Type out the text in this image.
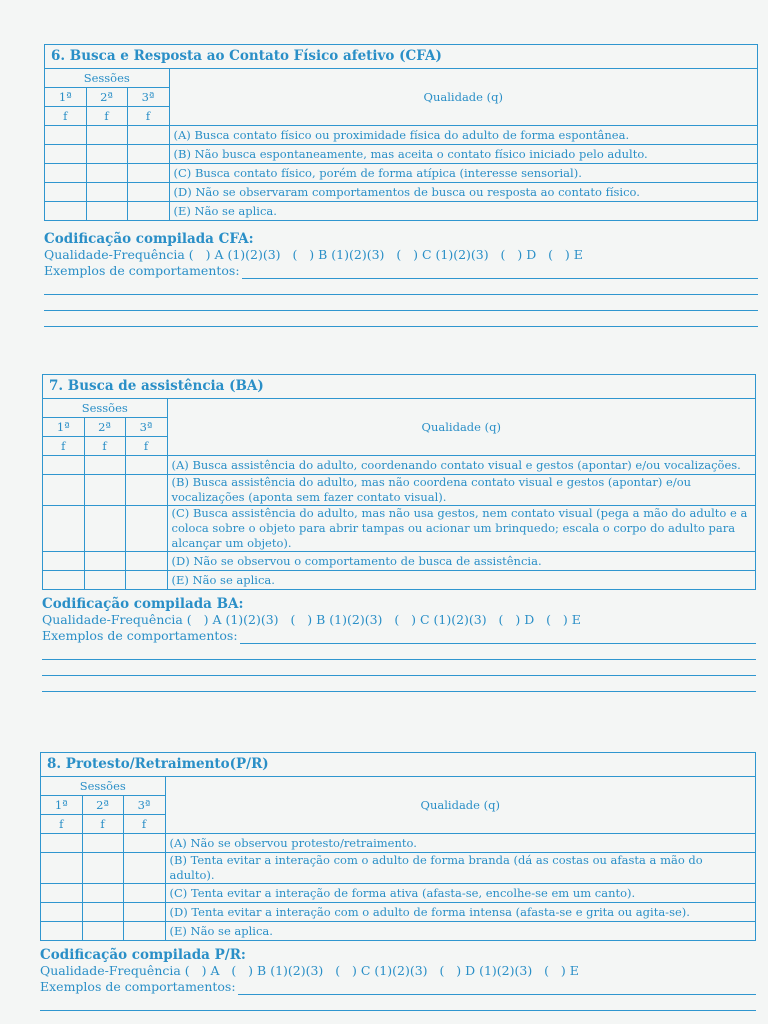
6. Busca e Resposta ao Contato Físico afetivo (CFA)
Sessões			Qualidade (q)
1ª	2ª	3ª	
f	f	f	
			(A) Busca contato físico ou proximidade física do adulto de forma espontânea.
			(B) Não busca espontaneamente, mas aceita o contato físico iniciado pelo adulto.
			(C) Busca contato físico, porém de forma atípica (interesse sensorial).
			(D) Não se observaram comportamentos de busca ou resposta ao contato físico.
			(E) Não se aplica.
Codificação compilada CFA:
Qualidade-Frequência (   ) A (1)(2)(3)   (   ) B (1)(2)(3)   (   ) C (1)(2)(3)   (   ) D   (   ) E
Exemplos de comportamentos:
7. Busca de assistência (BA)
Sessões			Qualidade (q)
1ª	2ª	3ª	
f	f	f	
			(A) Busca assistência do adulto, coordenando contato visual e gestos (apontar) e/ou vocalizações.
			(B) Busca assistência do adulto, mas não coordena contato visual e gestos (apontar) e/ou vocalizações (aponta sem fazer contato visual).
			(C) Busca assistência do adulto, mas não usa gestos, nem contato visual (pega a mão do adulto e a coloca sobre o objeto para abrir tampas ou acionar um brinquedo; escala o corpo do adulto para alcançar um objeto).
			(D) Não se observou o comportamento de busca de assistência.
			(E) Não se aplica.
Codificação compilada BA:
Qualidade-Frequência (   ) A (1)(2)(3)   (   ) B (1)(2)(3)   (   ) C (1)(2)(3)   (   ) D   (   ) E
Exemplos de comportamentos:
8. Protesto/Retraimento(P/R)
Sessões			Qualidade (q)
1ª	2ª	3ª	
f	f	f	
			(A) Não se observou protesto/retraimento.
			(B) Tenta evitar a interação com o adulto de forma branda (dá as costas ou afasta a mão do adulto).
			(C) Tenta evitar a interação de forma ativa (afasta-se, encolhe-se em um canto).
			(D) Tenta evitar a interação com o adulto de forma intensa (afasta-se e grita ou agita-se).
			(E) Não se aplica.
Codificação compilada P/R:
Qualidade-Frequência (   ) A   (   ) B (1)(2)(3)   (   ) C (1)(2)(3)   (   ) D (1)(2)(3)   (   ) E
Exemplos de comportamentos:
